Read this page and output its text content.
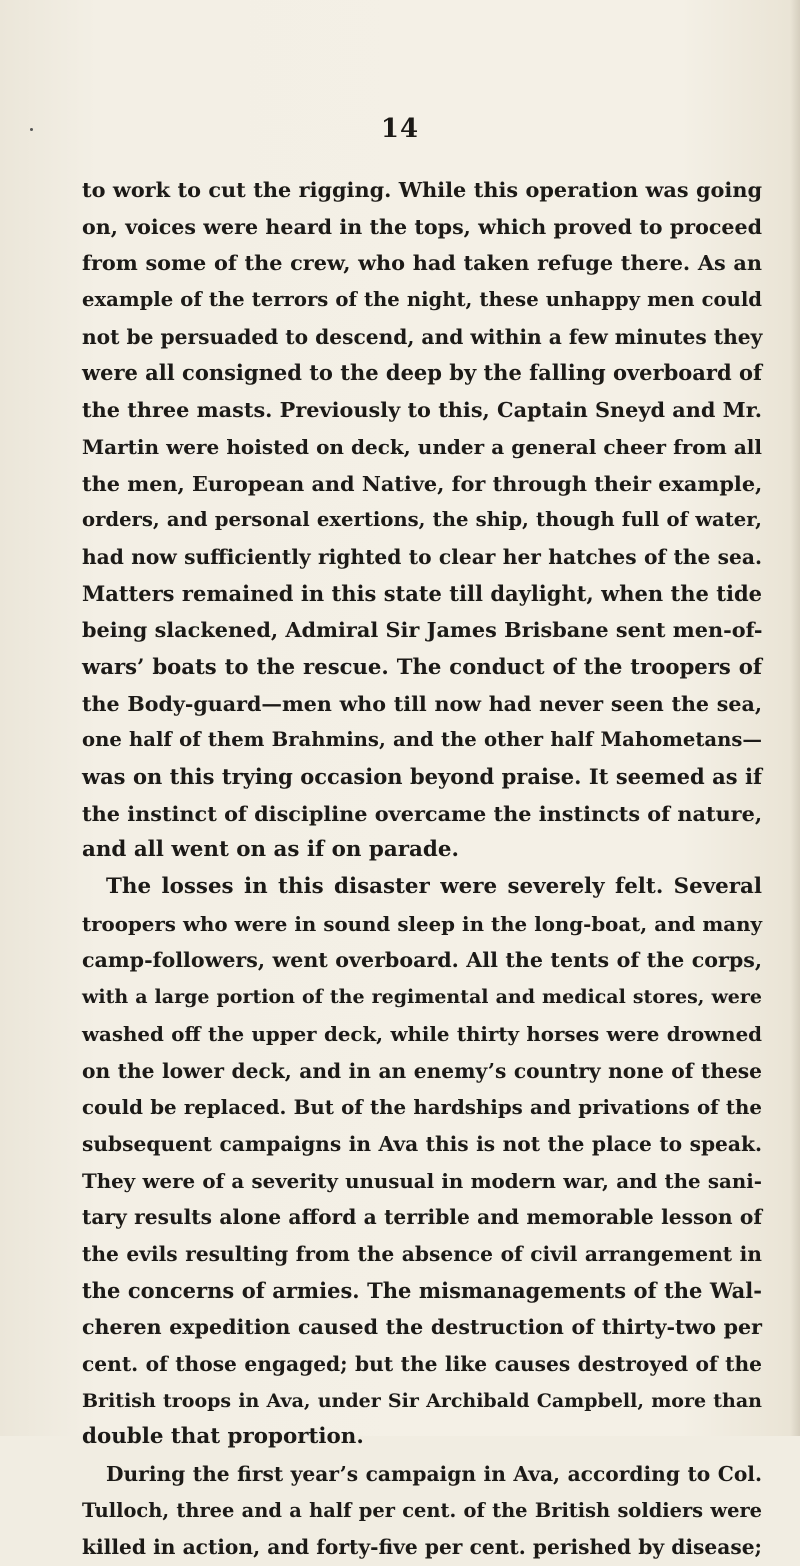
14
to work to cut the rigging. While this operation was going
on, voices were heard in the tops, which proved to proceed
from some of the crew, who had taken refuge there. As an
example of the terrors of the night, these unhappy men could
not be persuaded to descend, and within a few minutes they
were all consigned to the deep by the falling overboard of
the three masts. Previously to this, Captain Sneyd and Mr.
Martin were hoisted on deck, under a general cheer from all
the men, European and Native, for through their example,
orders, and personal exertions, the ship, though full of water,
had now sufficiently righted to clear her hatches of the sea.
Matters remained in this state till daylight, when the tide
being slackened, Admiral Sir James Brisbane sent men-of-
wars’ boats to the rescue. The conduct of the troopers of
the Body-guard—men who till now had never seen the sea,
one half of them Brahmins, and the other half Mahometans—
was on this trying occasion beyond praise. It seemed as if
the instinct of discipline overcame the instincts of nature,
and all went on as if on parade.
The losses in this disaster were severely felt. Several
troopers who were in sound sleep in the long-boat, and many
camp-followers, went overboard. All the tents of the corps,
with a large portion of the regimental and medical stores, were
washed off the upper deck, while thirty horses were drowned
on the lower deck, and in an enemy’s country none of these
could be replaced. But of the hardships and privations of the
subsequent campaigns in Ava this is not the place to speak.
They were of a severity unusual in modern war, and the sani-
tary results alone afford a terrible and memorable lesson of
the evils resulting from the absence of civil arrangement in
the concerns of armies. The mismanagements of the Wal-
cheren expedition caused the destruction of thirty-two per
cent. of those engaged; but the like causes destroyed of the
British troops in Ava, under Sir Archibald Campbell, more than
double that proportion.
During the first year’s campaign in Ava, according to Col.
Tulloch, three and a half per cent. of the British soldiers were
killed in action, and forty-five per cent. perished by disease;
